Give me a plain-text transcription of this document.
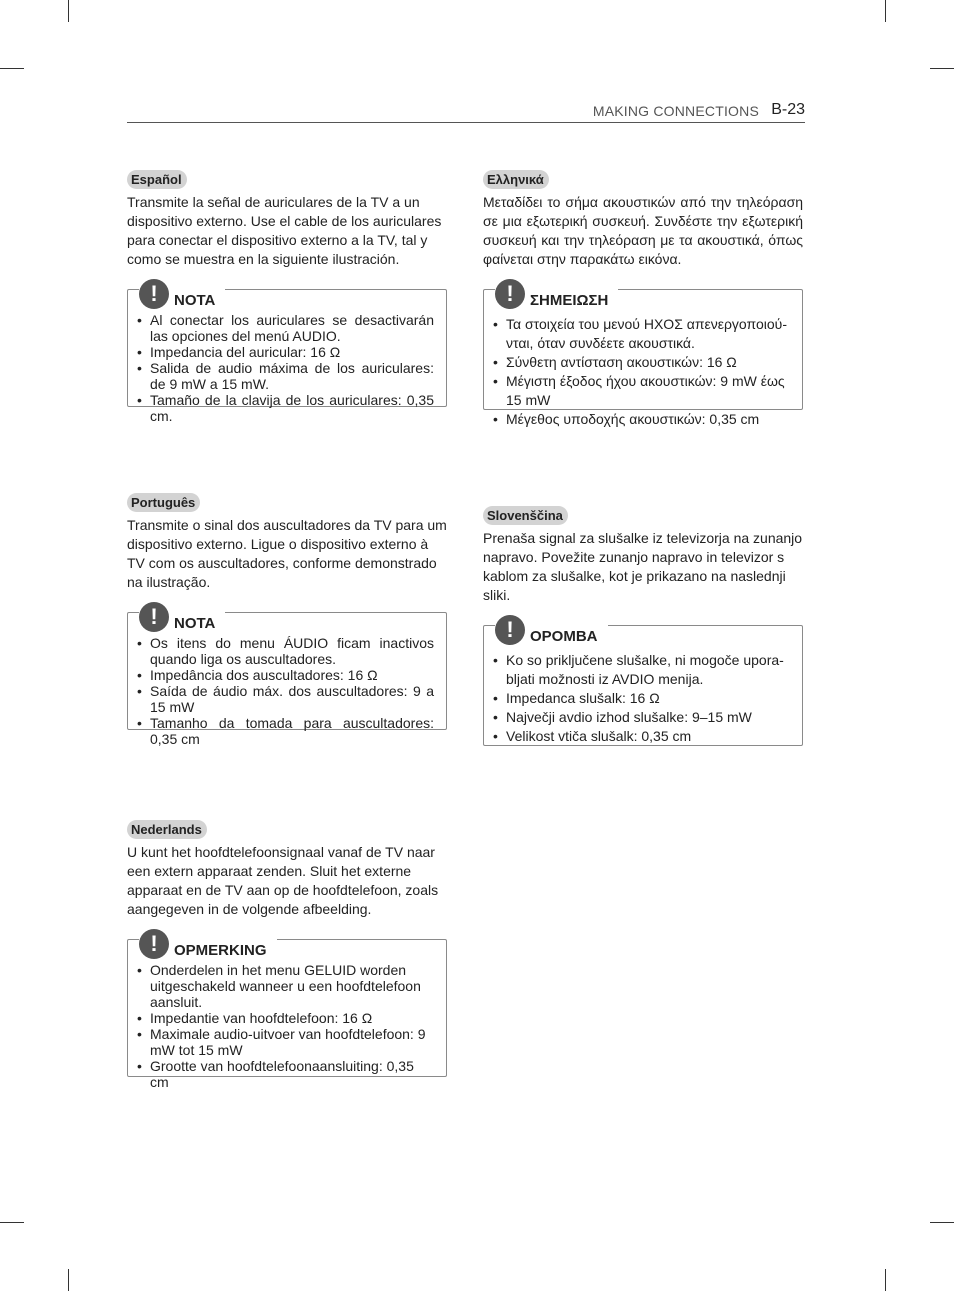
MAKING CONNECTIONS B-23
Español
Transmite la señal de auriculares de la TV a un dispositivo externo. Use el cable de los auriculares para conectar el dispositivo externo a la TV, tal y como se muestra en la siguiente ilustración.
!	NOTA
• Al conectar los auriculares se desactivarán las opciones del menú AUDIO.
• Impedancia del auricular: 16 Ω
• Salida de audio máxima de los auriculares: de 9 mW a 15 mW.
• Tamaño de la clavija de los auriculares: 0,35 cm.
Português
Transmite o sinal dos auscultadores da TV para um dispositivo externo. Ligue o dispositivo externo à TV com os auscultadores, conforme demonstrado na ilustração.
!	NOTA
• Os itens do menu ÁUDIO ficam inactivos quando liga os auscultadores.
• Impedância dos auscultadores: 16 Ω
• Saída de áudio máx. dos auscultadores: 9 a 15 mW
• Tamanho da tomada para auscultadores: 0,35 cm
Nederlands
U kunt het hoofdtelefoonsignaal vanaf de TV naar een extern apparaat zenden. Sluit het externe apparaat en de TV aan op de hoofdtelefoon, zoals aangegeven in de volgende afbeelding.
!	OPMERKING
• Onderdelen in het menu GELUID worden uitgeschakeld wanneer u een hoofdtelefoon aansluit.
• Impedantie van hoofdtelefoon: 16 Ω
• Maximale audio-uitvoer van hoofdtelefoon: 9 mW tot 15 mW
• Grootte van hoofdtelefoonaansluiting: 0,35 cm
Ελληνικά
Μεταδίδει το σήμα ακουστικών από την τηλεόραση σε μια εξωτερική συσκευή. Συνδέστε την εξωτερική συσκευή και την τηλεόραση με τα ακουστικά, όπως φαίνεται στην παρακάτω εικόνα.
!	ΣΗΜΕΙΩΣΗ
• Τα στοιχεία του μενού ΗΧΟΣ απενεργοποιού-νται, όταν συνδέετε ακουστικά.
• Σύνθετη αντίσταση ακουστικών: 16 Ω
• Μέγιστη έξοδος ήχου ακουστικών: 9 mW έως 15 mW
• Μέγεθος υποδοχής ακουστικών: 0,35 cm
Slovenščina
Prenaša signal za slušalke iz televizorja na zunanjo napravo. Povežite zunanjo napravo in televizor s kablom za slušalke, kot je prikazano na naslednji sliki.
!	OPOMBA
• Ko so priključene slušalke, ni mogoče upora-bljati možnosti iz AVDIO menija.
• Impedanca slušalk: 16 Ω
• Največji avdio izhod slušalke: 9–15 mW
• Velikost vtiča slušalk: 0,35 cm
